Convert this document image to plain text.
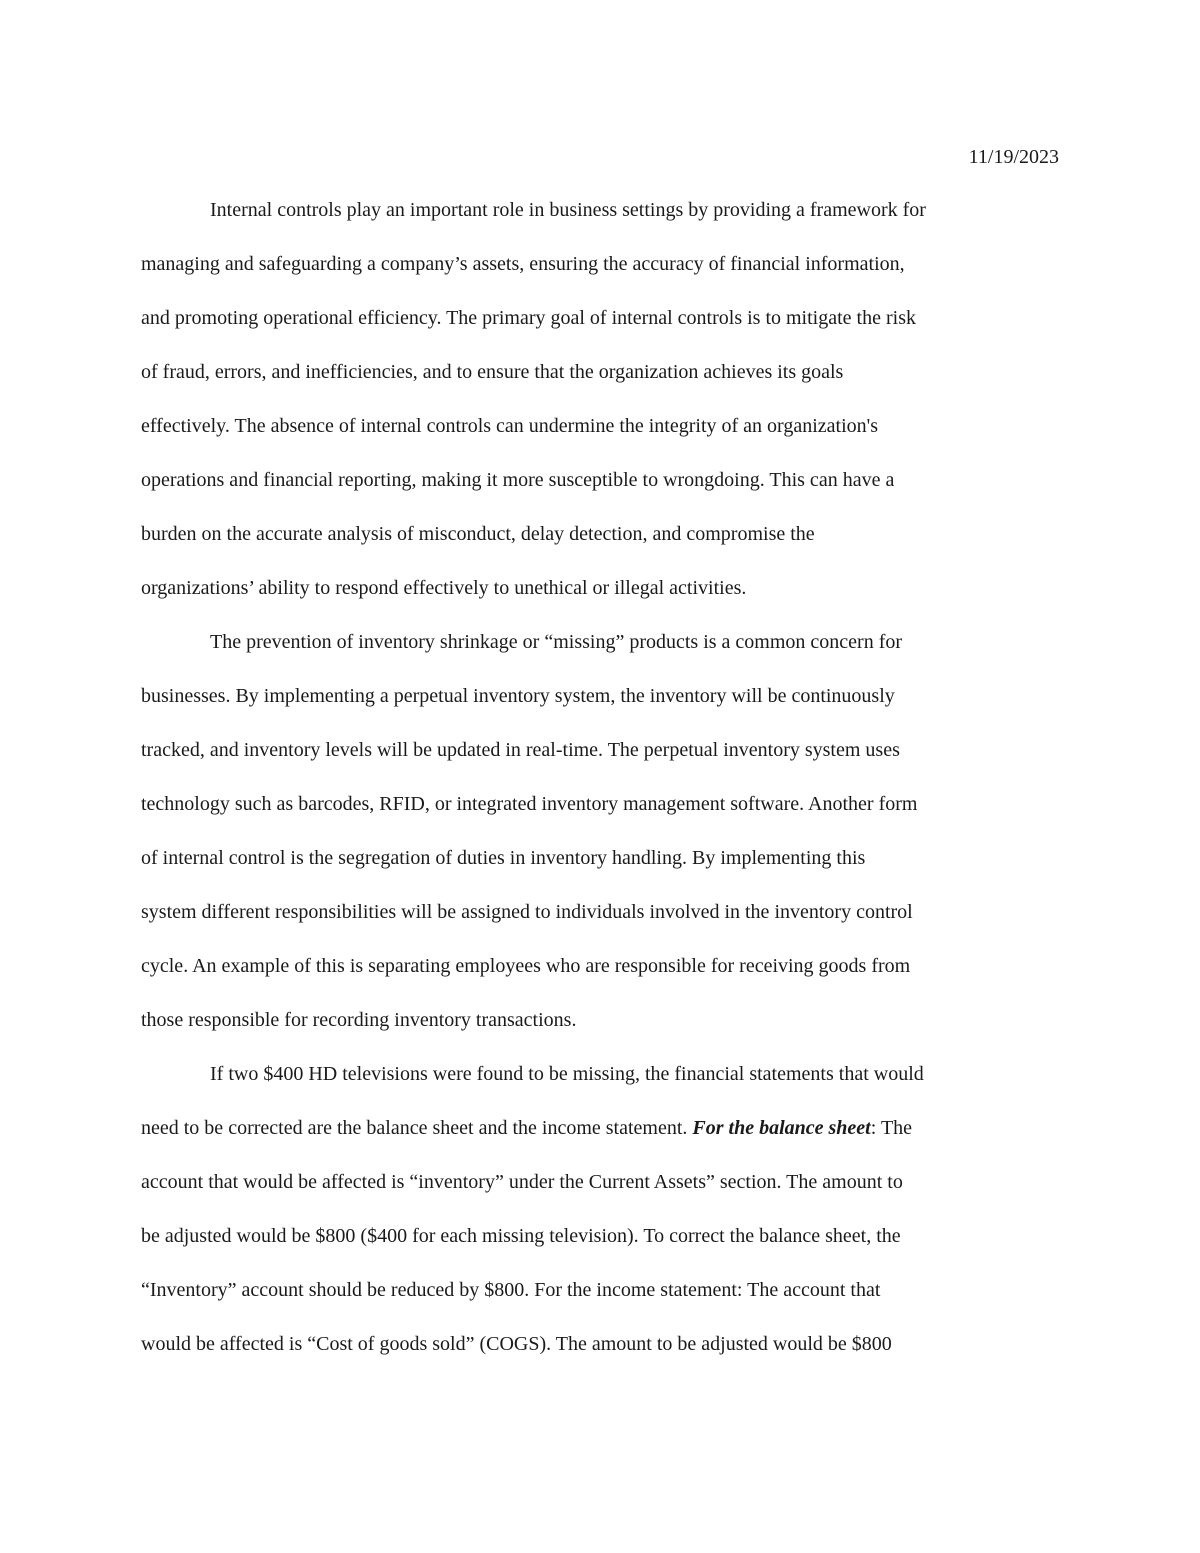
11/19/2023
Internal controls play an important role in business settings by providing a framework for
managing and safeguarding a company’s assets, ensuring the accuracy of financial information,
and promoting operational efficiency. The primary goal of internal controls is to mitigate the risk
of fraud, errors, and inefficiencies, and to ensure that the organization achieves its goals
effectively. The absence of internal controls can undermine the integrity of an organization's
operations and financial reporting, making it more susceptible to wrongdoing. This can have a
burden on the accurate analysis of misconduct, delay detection, and compromise the
organizations’ ability to respond effectively to unethical or illegal activities.
The prevention of inventory shrinkage or “missing” products is a common concern for
businesses. By implementing a perpetual inventory system, the inventory will be continuously
tracked, and inventory levels will be updated in real-time. The perpetual inventory system uses
technology such as barcodes, RFID, or integrated inventory management software. Another form
of internal control is the segregation of duties in inventory handling. By implementing this
system different responsibilities will be assigned to individuals involved in the inventory control
cycle. An example of this is separating employees who are responsible for receiving goods from
those responsible for recording inventory transactions.
If two $400 HD televisions were found to be missing, the financial statements that would
need to be corrected are the balance sheet and the income statement. For the balance sheet: The
account that would be affected is “inventory” under the Current Assets” section. The amount to
be adjusted would be $800 ($400 for each missing television). To correct the balance sheet, the
“Inventory” account should be reduced by $800. For the income statement: The account that
would be affected is “Cost of goods sold” (COGS). The amount to be adjusted would be $800
